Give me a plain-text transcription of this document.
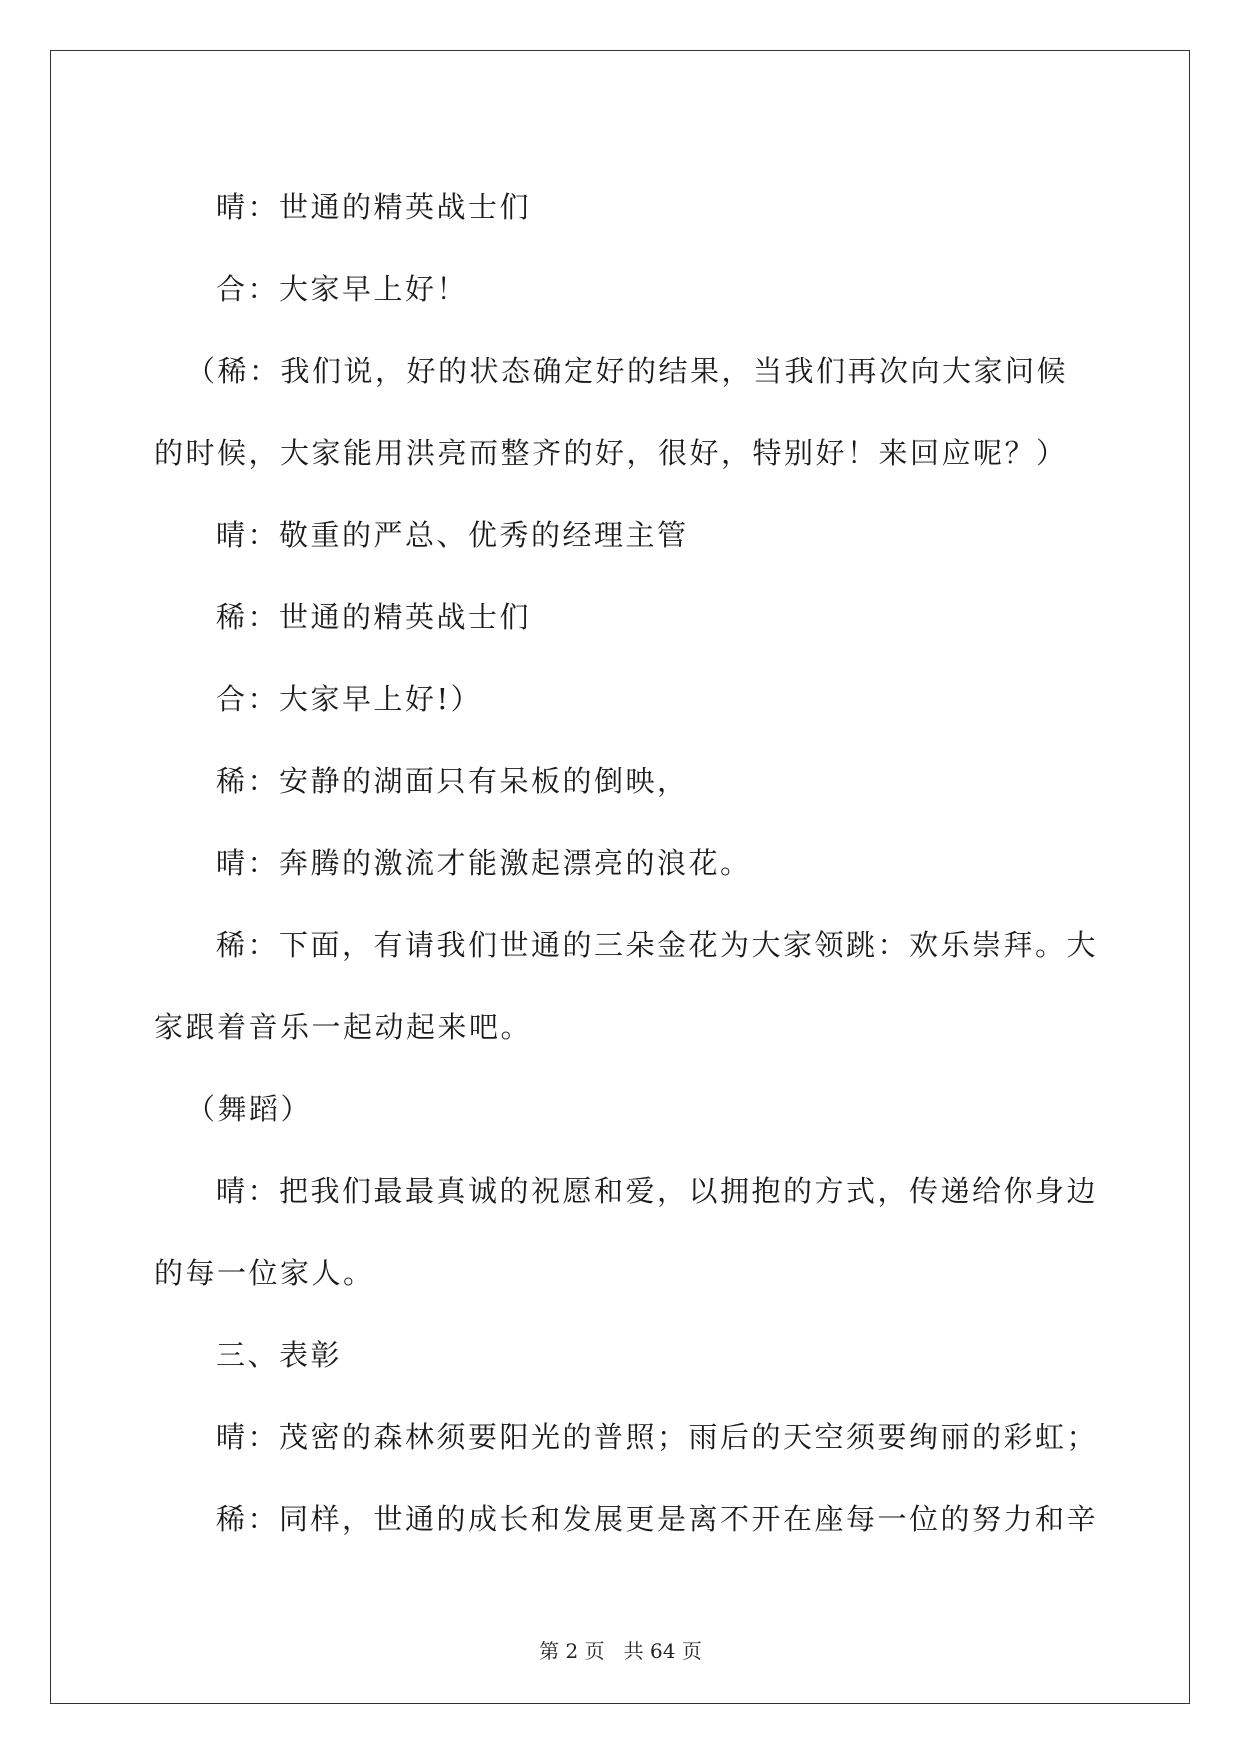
晴：世通的精英战士们
合：大家早上好！
（稀：我们说，好的状态确定好的结果，当我们再次向大家问候
的时候，大家能用洪亮而整齐的好，很好，特别好！来回应呢？）
晴：敬重的严总、优秀的经理主管
稀：世通的精英战士们
合：大家早上好!）
稀：安静的湖面只有呆板的倒映，
晴：奔腾的激流才能激起漂亮的浪花。
稀：下面，有请我们世通的三朵金花为大家领跳：欢乐崇拜。大
家跟着音乐一起动起来吧。
（舞蹈）
晴：把我们最最真诚的祝愿和爱，以拥抱的方式，传递给你身边
的每一位家人。
三、表彰
晴：茂密的森林须要阳光的普照；雨后的天空须要绚丽的彩虹；
稀：同样，世通的成长和发展更是离不开在座每一位的努力和辛
第 2 页   共 64 页
